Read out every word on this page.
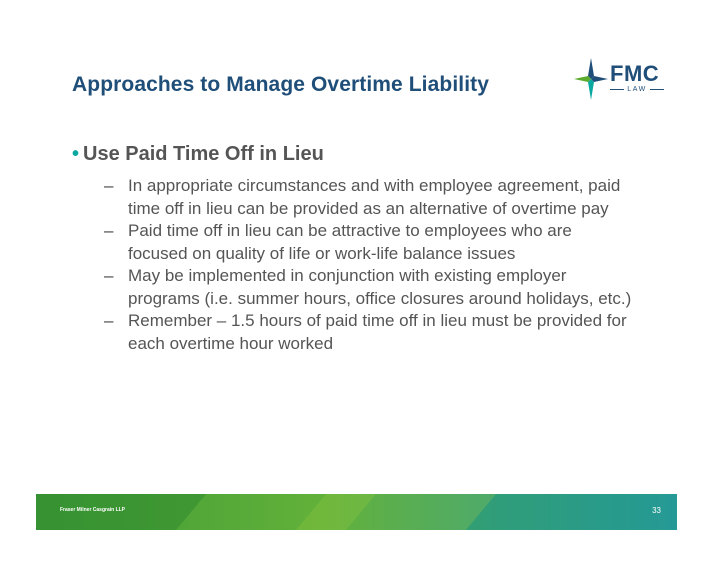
Approaches to Manage Overtime Liability	FMC
LAW
• Use Paid Time Off in Lieu
– In appropriate circumstances and with employee agreement, paid time off in lieu can be provided as an alternative of overtime pay
– Paid time off in lieu can be attractive to employees who are focused on quality of life or work-life balance issues
– May be implemented in conjunction with existing employer programs (i.e. summer hours, office closures around holidays, etc.)
– Remember – 1.5 hours of paid time off in lieu must be provided for each overtime hour worked
Fraser Milner Casgrain LLP	33
